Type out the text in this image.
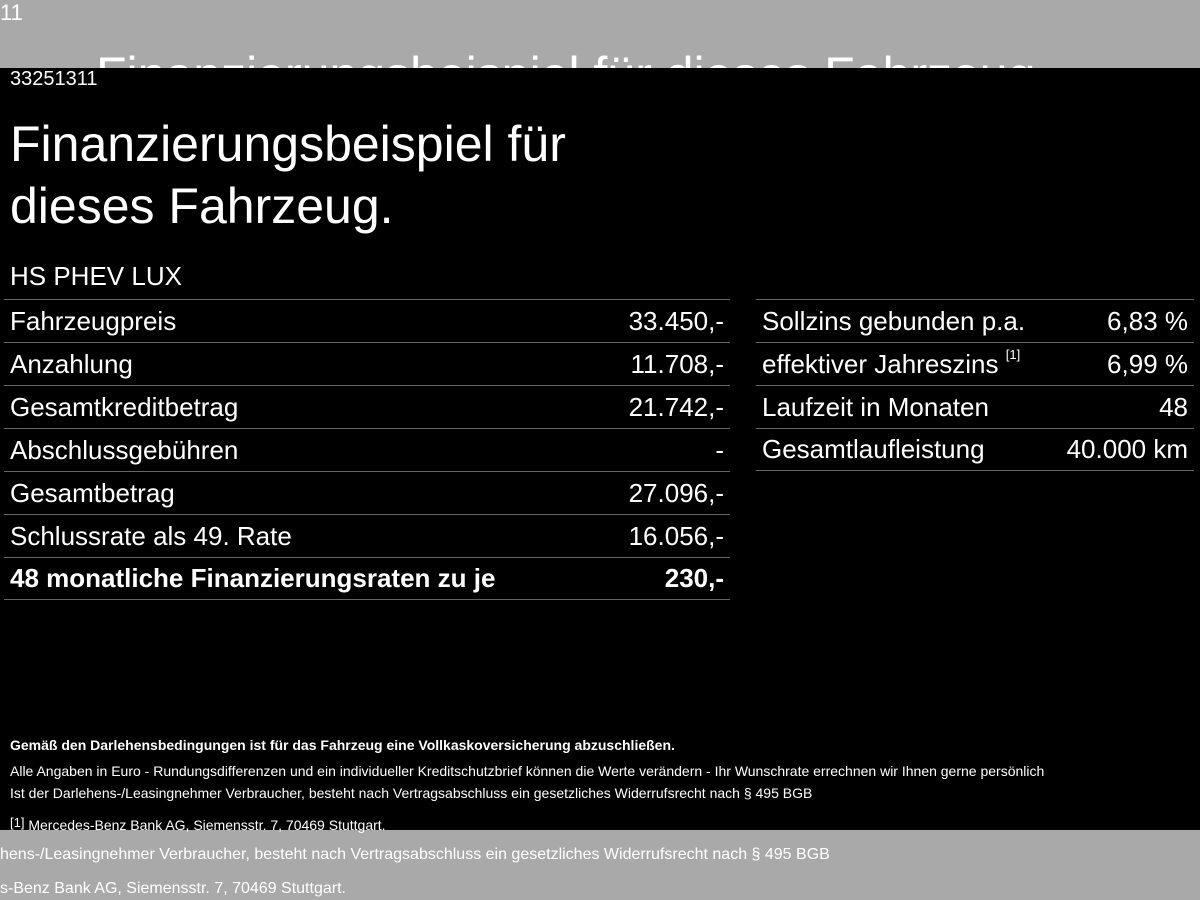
11
33251311
Finanzierungsbeispiel für
dieses Fahrzeug.
HS PHEV LUX
Fahrzeugpreis	33.450,-
Anzahlung	11.708,-
Gesamtkreditbetrag	21.742,-
Abschlussgebühren	-
Gesamtbetrag	27.096,-
Schlussrate als 49. Rate	16.056,-
48 monatliche Finanzierungsraten zu je	230,-
Sollzins gebunden p.a.	6,83 %
effektiver Jahreszins [1]	6,99 %
Laufzeit in Monaten	48
Gesamtlaufleistung	40.000 km
Gemäß den Darlehensbedingungen ist für das Fahrzeug eine Vollkaskoversicherung abzuschließen.
Alle Angaben in Euro - Rundungsdifferenzen und ein individueller Kreditschutzbrief können die Werte verändern - Ihr Wunschrate errechnen wir Ihnen gerne persönlich
Ist der Darlehens-/Leasingnehmer Verbraucher, besteht nach Vertragsabschluss ein gesetzliches Widerrufsrecht nach § 495 BGB
[1] Mercedes-Benz Bank AG, Siemensstr. 7, 70469 Stuttgart.
hens-/Leasingnehmer Verbraucher, besteht nach Vertragsabschluss ein gesetzliches Widerrufsrecht nach § 495 BGB
s-Benz Bank AG, Siemensstr. 7, 70469 Stuttgart.
